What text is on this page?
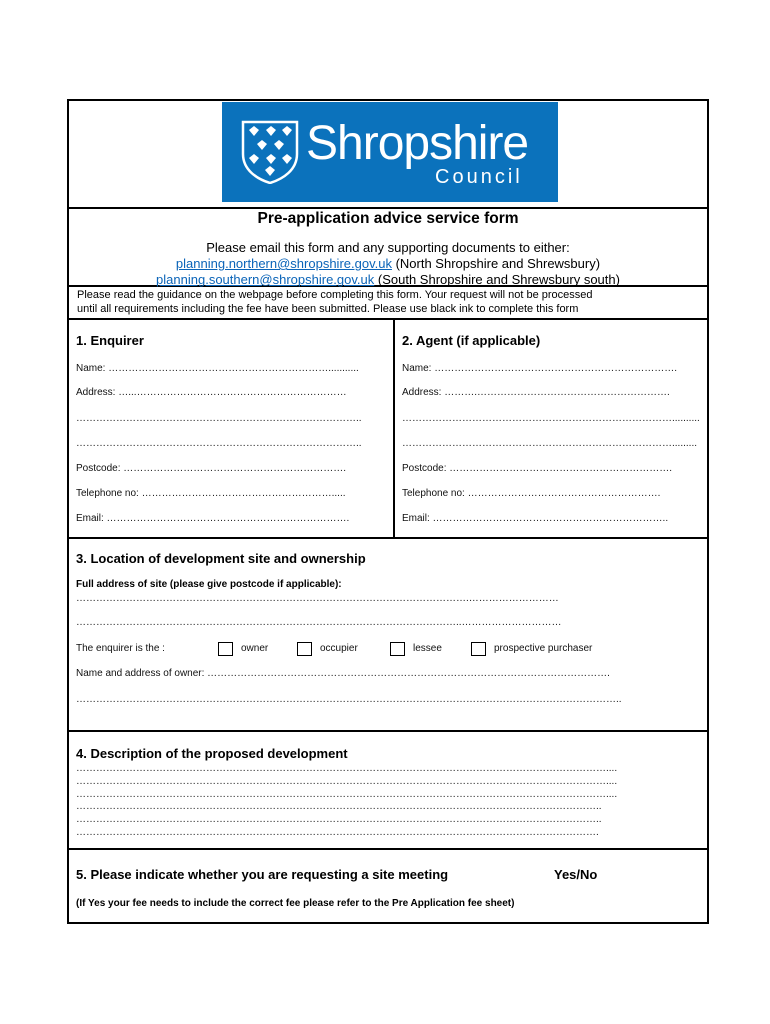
Shropshire
Council
Pre-application advice service form
Please email this form and any supporting documents to either:
planning.northern@shropshire.gov.uk (North Shropshire and Shrewsbury)
planning.southern@shropshire.gov.uk (South Shropshire and Shrewsbury south)
Please read the guidance on the webpage before completing this form. Your request will not be processed
until all requirements including the fee have been submitted. Please use black ink to complete this form
1. Enquirer
Name: …………………………………………………………...........
Address: …...………………………………………………………
…………………………………………………………………………..
…………………………………………………………………………..
Postcode: ………………………………………………………….
Telephone no: ………………………………………………….....
Email: ……………………………………………………………….
2. Agent (if applicable)
Name: ……………………………………………………………….
Address: ……….………………………………………………….
………………………………………………………………………..........
……………………………………………………………………….........
Postcode: ………………………………………………………….
Telephone no: ………………………………………………….
Email: ……………………………………………………………..
3. Location of development site and ownership
Full address of site (please give postcode if applicable):
……………………………………………………………………………………………………….………………………
……………………………………………………………………………………………………..…………………………
The enquirer is the :	owner	occupier	lessee	prospective purchaser
Name and address of owner: ………………………………………………………………………………………………………….
………………………………………………………………………………………………………………………………………………..
4. Description of the proposed development
……………………………………………………………………………………………………………………………………………....
……………………………………………………………………………………………………………………………………………....
……………………………………………………………………………………………………………………………………………....
…………………………………………………………………………………………………………………………………………..
…………………………………………………………………………………………………………………………………………..
………………………………………………………………………………………………………………………………………….
5. Please indicate whether you are requesting a site meeting	Yes/No
(If Yes your fee needs to include the correct fee please refer to the Pre Application fee sheet)
